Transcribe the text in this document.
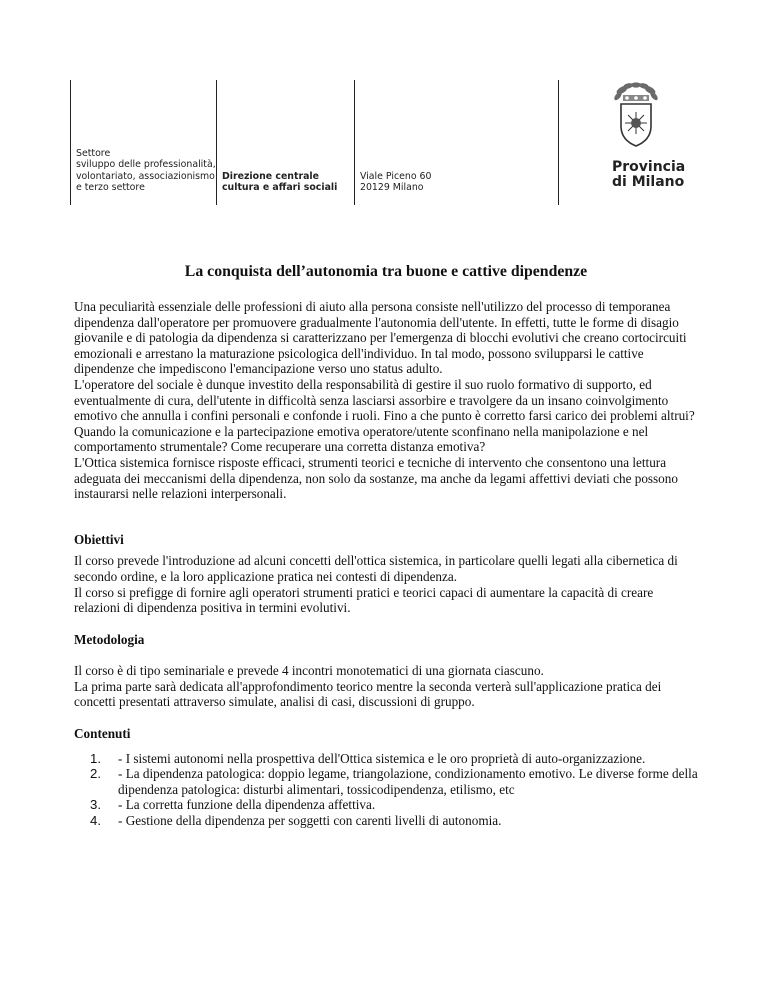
Settore
sviluppo delle professionalità,
volontariato, associazionismo
e terzo settore
Direzione centrale
cultura e affari sociali
Viale Piceno 60
20129 Milano
Provincia
di Milano
La conquista dell’autonomia tra buone e cattive dipendenze

Una peculiarità essenziale delle professioni di aiuto alla persona consiste nell'utilizzo del processo di temporanea dipendenza dall'operatore per promuovere gradualmente l'autonomia dell'utente. In effetti, tutte le forme di disagio giovanile e di patologia da dipendenza si caratterizzano per l'emergenza di blocchi evolutivi che creano cortocircuiti emozionali e arrestano la maturazione psicologica dell'individuo. In tal modo, possono svilupparsi le cattive dipendenze che impediscono l'emancipazione verso uno status adulto.

L'operatore del sociale è dunque investito della responsabilità di gestire il suo ruolo formativo di supporto, ed eventualmente di cura, dell'utente in difficoltà senza lasciarsi assorbire e travolgere da un insano coinvolgimento emotivo che annulla i confini personali e confonde i ruoli. Fino a che punto è corretto farsi carico dei problemi altrui? Quando la comunicazione e la partecipazione emotiva operatore/utente sconfinano nella manipolazione e nel comportamento strumentale? Come recuperare una corretta distanza emotiva?

L'Ottica sistemica fornisce risposte efficaci, strumenti teorici e tecniche di intervento che consentono una lettura adeguata dei meccanismi della dipendenza, non solo da sostanze, ma anche da legami affettivi deviati che possono instaurarsi nelle relazioni interpersonali.

Obiettivi

Il corso prevede l'introduzione ad alcuni concetti dell'ottica sistemica, in particolare quelli legati alla cibernetica di secondo ordine, e la loro applicazione pratica nei contesti di dipendenza.

Il corso si prefigge di fornire agli operatori strumenti pratici e teorici capaci di aumentare la capacità di creare relazioni di dipendenza positiva in termini evolutivi.

Metodologia

Il corso è di tipo seminariale e prevede 4 incontri monotematici di una giornata ciascuno.

La prima parte sarà dedicata all'approfondimento teorico mentre la seconda verterà sull'applicazione pratica dei concetti presentati attraverso simulate, analisi di casi, discussioni di gruppo.

Contenuti
1. - I sistemi autonomi nella prospettiva dell'Ottica sistemica e le oro proprietà di auto-organizzazione.
2. - La dipendenza patologica: doppio legame, triangolazione, condizionamento emotivo. Le diverse forme della dipendenza patologica: disturbi alimentari, tossicodipendenza, etilismo, etc
3. - La corretta funzione della dipendenza affettiva.
4. - Gestione della dipendenza per soggetti con carenti livelli di autonomia.
